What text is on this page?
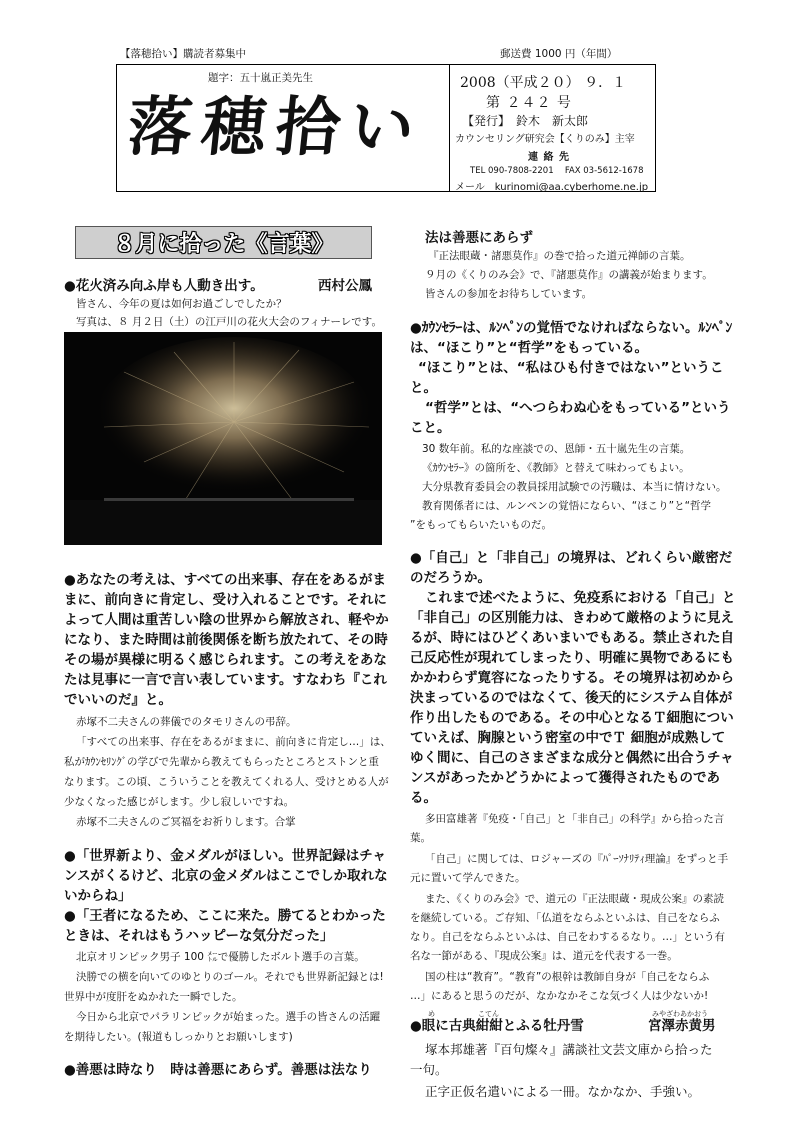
【落穂拾い】購読者募集中	郵送費 1000 円（年間）
題字：五十嵐正美先生
落穂拾い
2008（平成２０） ９．１
第 ２４２ 号
【発行】　鈴木　新太郎
カウンセリング研究会【くりのみ】主宰
連 絡 先
TEL 090-7808-2201　 FAX 03-5612-1678
メール　kurinomi@aa.cyberhome.ne.jp
８月に拾った《言葉》
●花火済み向ふ岸も人動き出す。	西村公鳳
皆さん、今年の夏は如何お過ごしでしたか？
写真は、８ 月２日（土）の江戸川の花火大会のフィナーレです。
●あなたの考えは、すべての出来事、存在をあるがま
まに、前向きに肯定し、受け入れることです。それに
よって人間は重苦しい陰の世界から解放され、軽やか
になり、また時間は前後関係を断ち放たれて、その時
その場が異様に明るく感じられます。この考えをあな
たは見事に一言で言い表しています。すなわち『これ
でいいのだ』と。
赤塚不二夫さんの葬儀でのタモリさんの弔辞。
「すべての出来事、存在をあるがままに、前向きに肯定し…」は、
私がｶｳﾝｾﾘﾝｸﾞの学びで先輩から教えてもらったところとストンと重
なります。この頃、こういうことを教えてくれる人、受けとめる人が
少なくなった感じがします。少し寂しいですね。
赤塚不二夫さんのご冥福をお祈りします。合掌
●「世界新より、金メダルがほしい。世界記録はチャ
ンスがくるけど、北京の金メダルはここでしか取れな
いからね」
●「王者になるため、ここに来た。勝てるとわかった
ときは、それはもうハッピーな気分だった」
北京オリンピック男子 100 ㍍で優勝したボルト選手の言葉。
決勝での横を向いてのゆとりのゴール。それでも世界新記録とは!
世界中が度肝をぬかれた一瞬でした。
今日から北京でパラリンピックが始まった。選手の皆さんの活躍
を期待したい。(報道もしっかりとお願いします)
●善悪は時なり　時は善悪にあらず。善悪は法なり
法は善悪にあらず
『正法眼蔵・諸悪莫作』の巻で拾った道元禅師の言葉。
９月の《くりのみ会》で、『諸悪莫作』の講義が始まります。
皆さんの参加をお待ちしています。
●ｶｳﾝｾﾗｰは、ﾙﾝﾍﾟﾝの覚悟でなければならない。ﾙﾝﾍﾟﾝ
は、“ほこり”と“哲学”をもっている。
“ほこり”とは、“私はひも付きではない”というこ
と。
“哲学”とは、“へつらわぬ心をもっている”という
こと。
30 数年前。私的な座談での、恩師・五十嵐先生の言葉。
《ｶｳﾝｾﾗｰ》の箇所を、《教師》と替えて味わってもよい。
大分県教育委員会の教員採用試験での汚職は、本当に情けない。
教育関係者には、ルンペンの覚悟にならい、“ほこり”と“哲学
”をもってもらいたいものだ。
●「自己」と「非自己」の境界は、どれくらい厳密だ
のだろうか。
これまで述べたように、免疫系における「自己」と
「非自己」の区別能力は、きわめて厳格のように見え
るが、時にはひどくあいまいでもある。禁止された自
己反応性が現れてしまったり、明確に異物であるにも
かかわらず寛容になったりする。その境界は初めから
決まっているのではなくて、後天的にシステム自体が
作り出したものである。その中心となるＴ細胞につい
ていえば、胸腺という密室の中でＴ 細胞が成熟して
ゆく間に、自己のさまざまな成分と偶然に出合うチャ
ンスがあったかどうかによって獲得されたものであ
る。
多田富雄著『免疫・「自己」と「非自己」の科学』から拾った言
葉。
「自己」に関しては、ロジャーズの『ﾊﾟｰｿﾅﾘﾃｨ理論』をずっと手
元に置いて学んできた。
また、《くりのみ会》で、道元の『正法眼蔵・現成公案』の素読
を継続している。ご存知、「仏道をならふといふは、自己をならふ
なり。自己をならふといふは、自己をわするるなり。…」という有
名な一節がある、『現成公案』は、道元を代表する一巻。
国の柱は“教育”。“教育”の根幹は教師自身が「自己をならふ
…」にあると思うのだが、なかなかそこな気づく人は少ないか!
め	こてん	みやざわあかおう
●眼に古典紺紺とふる牡丹雪	宮澤赤黄男
塚本邦雄著『百句燦々』講談社文芸文庫から拾った
一句。
正字正仮名遣いによる一冊。なかなか、手強い。
